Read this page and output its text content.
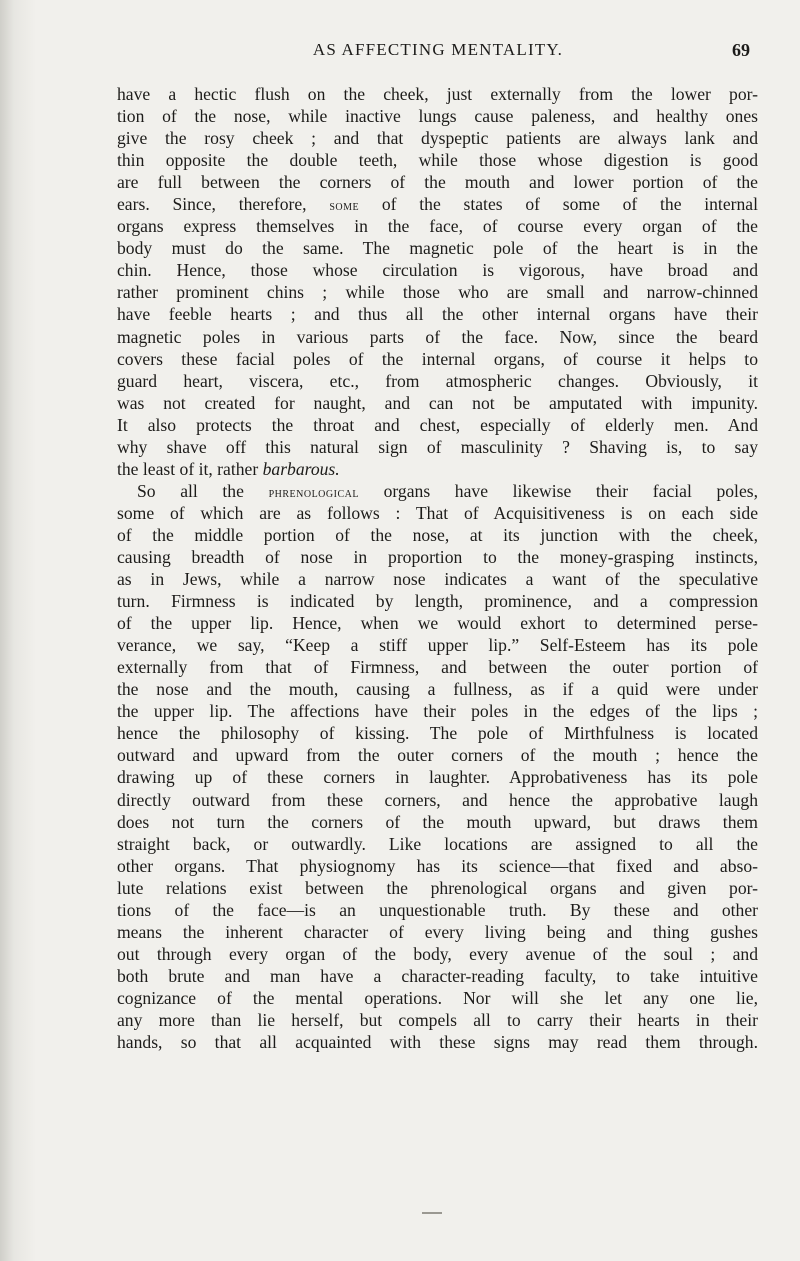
AS AFFECTING MENTALITY.	69
have a hectic flush on the cheek, just externally from the lower por-
tion of the nose, while inactive lungs cause paleness, and healthy ones
give the rosy cheek ; and that dyspeptic patients are always lank and
thin opposite the double teeth, while those whose digestion is good
are full between the corners of the mouth and lower portion of the
ears. Since, therefore, some of the states of some of the internal
organs express themselves in the face, of course every organ of the
body must do the same. The magnetic pole of the heart is in the
chin. Hence, those whose circulation is vigorous, have broad and
rather prominent chins ; while those who are small and narrow-chinned
have feeble hearts ; and thus all the other internal organs have their
magnetic poles in various parts of the face. Now, since the beard
covers these facial poles of the internal organs, of course it helps to
guard heart, viscera, etc., from atmospheric changes. Obviously, it
was not created for naught, and can not be amputated with impunity.
It also protects the throat and chest, especially of elderly men. And
why shave off this natural sign of masculinity ? Shaving is, to say
the least of it, rather barbarous.
So all the phrenological organs have likewise their facial poles,
some of which are as follows : That of Acquisitiveness is on each side
of the middle portion of the nose, at its junction with the cheek,
causing breadth of nose in proportion to the money-grasping instincts,
as in Jews, while a narrow nose indicates a want of the speculative
turn. Firmness is indicated by length, prominence, and a compression
of the upper lip. Hence, when we would exhort to determined perse-
verance, we say, “Keep a stiff upper lip.” Self-Esteem has its pole
externally from that of Firmness, and between the outer portion of
the nose and the mouth, causing a fullness, as if a quid were under
the upper lip. The affections have their poles in the edges of the lips ;
hence the philosophy of kissing. The pole of Mirthfulness is located
outward and upward from the outer corners of the mouth ; hence the
drawing up of these corners in laughter. Approbativeness has its pole
directly outward from these corners, and hence the approbative laugh
does not turn the corners of the mouth upward, but draws them
straight back, or outwardly. Like locations are assigned to all the
other organs. That physiognomy has its science—that fixed and abso-
lute relations exist between the phrenological organs and given por-
tions of the face—is an unquestionable truth. By these and other
means the inherent character of every living being and thing gushes
out through every organ of the body, every avenue of the soul ; and
both brute and man have a character-reading faculty, to take intuitive
cognizance of the mental operations. Nor will she let any one lie,
any more than lie herself, but compels all to carry their hearts in their
hands, so that all acquainted with these signs may read them through.
